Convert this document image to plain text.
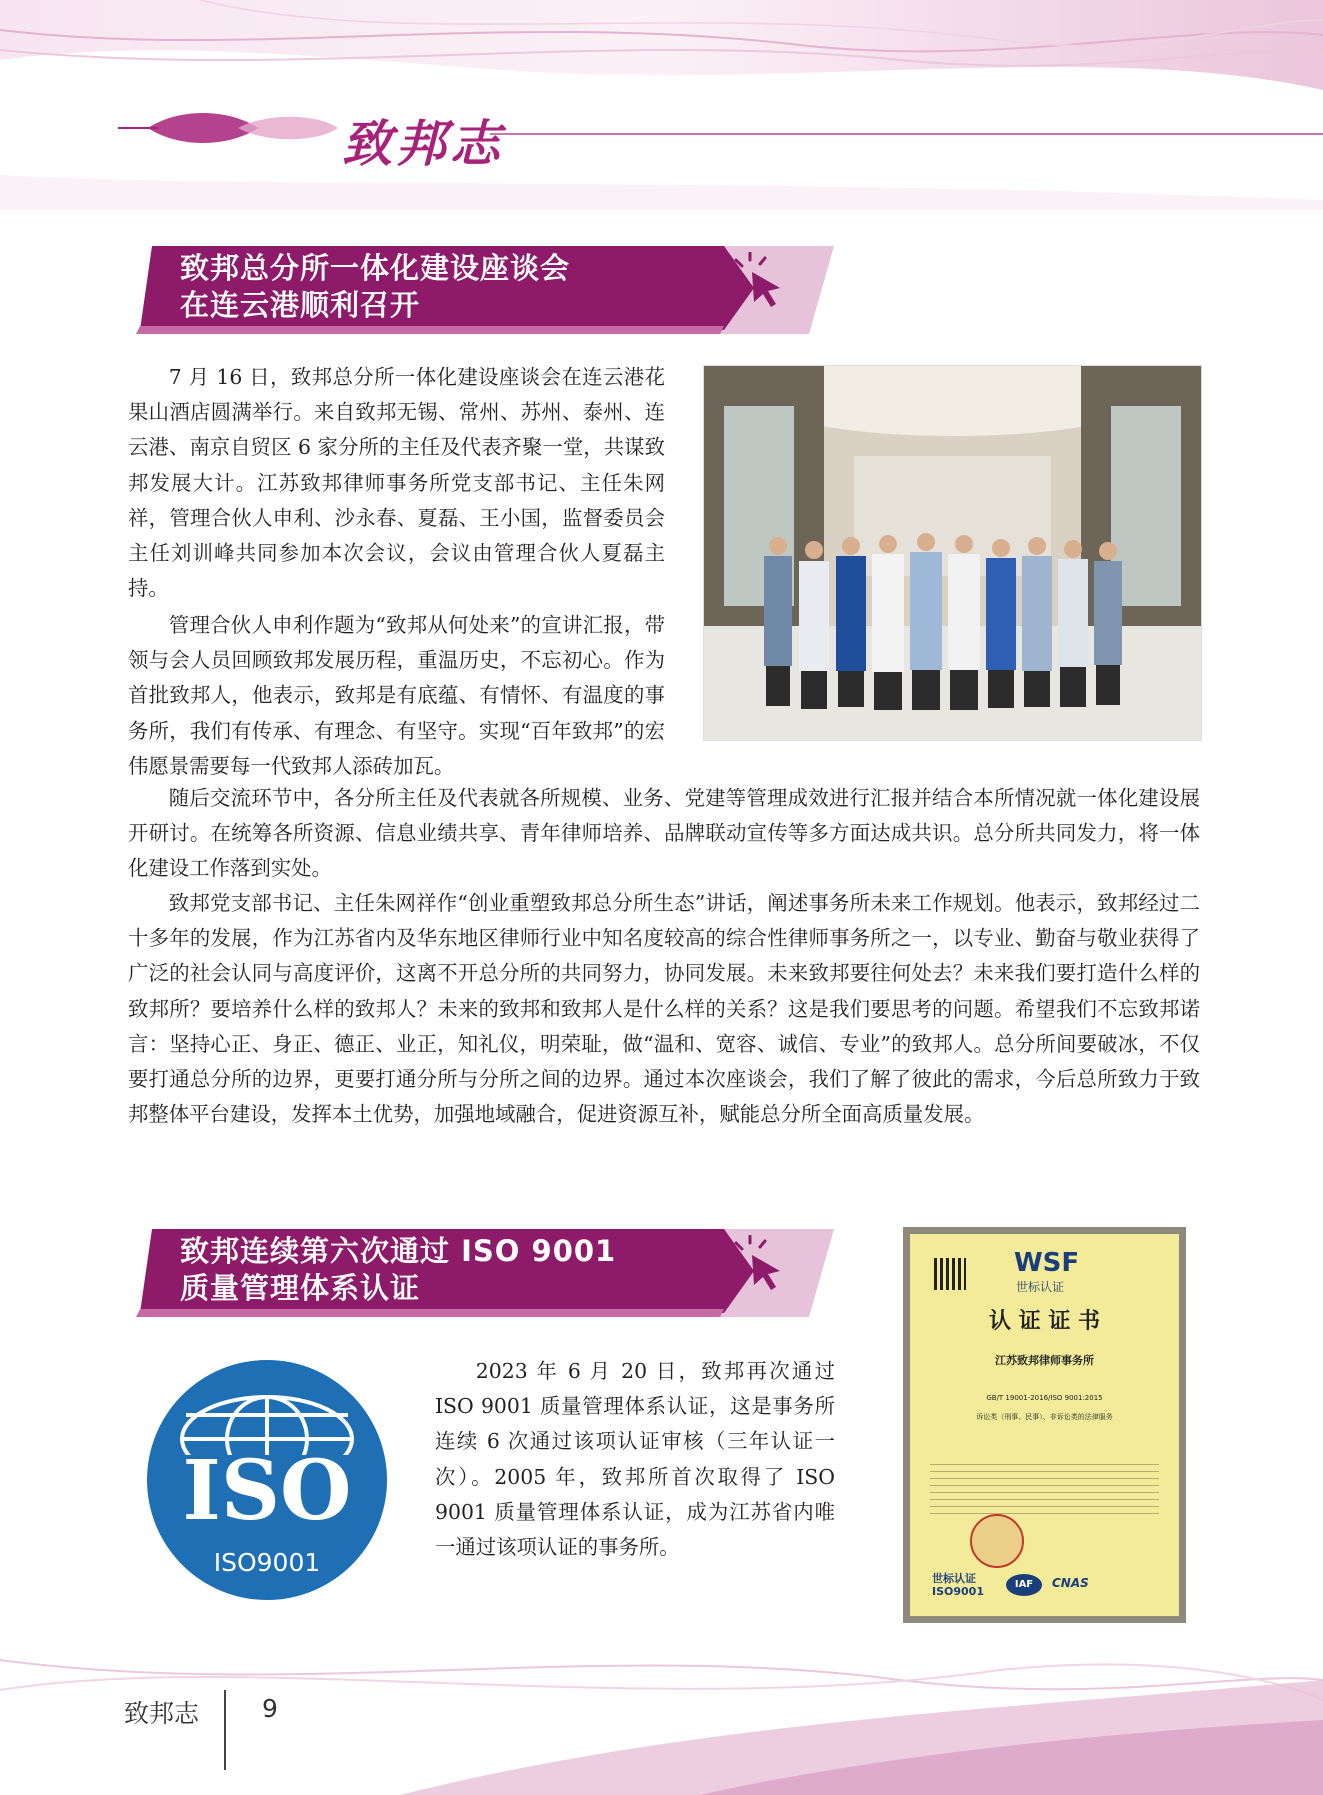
致邦志
致邦总分所一体化建设座谈会
在连云港顺利召开

7 月 16 日，致邦总分所一体化建设座谈会在连云港花果山酒店圆满举行。来自致邦无锡、常州、苏州、泰州、连云港、南京自贸区 6 家分所的主任及代表齐聚一堂，共谋致邦发展大计。江苏致邦律师事务所党支部书记、主任朱网祥，管理合伙人申利、沙永春、夏磊、王小国，监督委员会主任刘训峰共同参加本次会议，会议由管理合伙人夏磊主持。

管理合伙人申利作题为“致邦从何处来”的宣讲汇报，带领与会人员回顾致邦发展历程，重温历史，不忘初心。作为首批致邦人，他表示，致邦是有底蕴、有情怀、有温度的事务所，我们有传承、有理念、有坚守。实现“百年致邦”的宏伟愿景需要每一代致邦人添砖加瓦。

随后交流环节中，各分所主任及代表就各所规模、业务、党建等管理成效进行汇报并结合本所情况就一体化建设展开研讨。在统筹各所资源、信息业绩共享、青年律师培养、品牌联动宣传等多方面达成共识。总分所共同发力，将一体化建设工作落到实处。

致邦党支部书记、主任朱网祥作“创业重塑致邦总分所生态”讲话，阐述事务所未来工作规划。他表示，致邦经过二十多年的发展，作为江苏省内及华东地区律师行业中知名度较高的综合性律师事务所之一，以专业、勤奋与敬业获得了广泛的社会认同与高度评价，这离不开总分所的共同努力，协同发展。未来致邦要往何处去？未来我们要打造什么样的致邦所？要培养什么样的致邦人？未来的致邦和致邦人是什么样的关系？这是我们要思考的问题。希望我们不忘致邦诺言：坚持心正、身正、德正、业正，知礼仪，明荣耻，做“温和、宽容、诚信、专业”的致邦人。总分所间要破冰，不仅要打通总分所的边界，更要打通分所与分所之间的边界。通过本次座谈会，我们了解了彼此的需求，今后总所致力于致邦整体平台建设，发挥本土优势，加强地域融合，促进资源互补，赋能总分所全面高质量发展。

致邦连续第六次通过 ISO 9001
质量管理体系认证
ISO
ISO9001

2023 年 6 月 20 日，致邦再次通过 ISO 9001 质量管理体系认证，这是事务所连续 6 次通过该项认证审核（三年认证一次）。2005 年，致邦所首次取得了 ISO 9001 质量管理体系认证，成为江苏省内唯一通过该项认证的事务所。

WSF
世标认证
认 证 证 书
江苏致邦律师事务所
GB/T 19001-2016/ISO 9001:2015
诉讼类（刑事、民事）、非诉讼类的法律服务
世标认证
ISO9001
IAF	CNAS
致邦志	9
